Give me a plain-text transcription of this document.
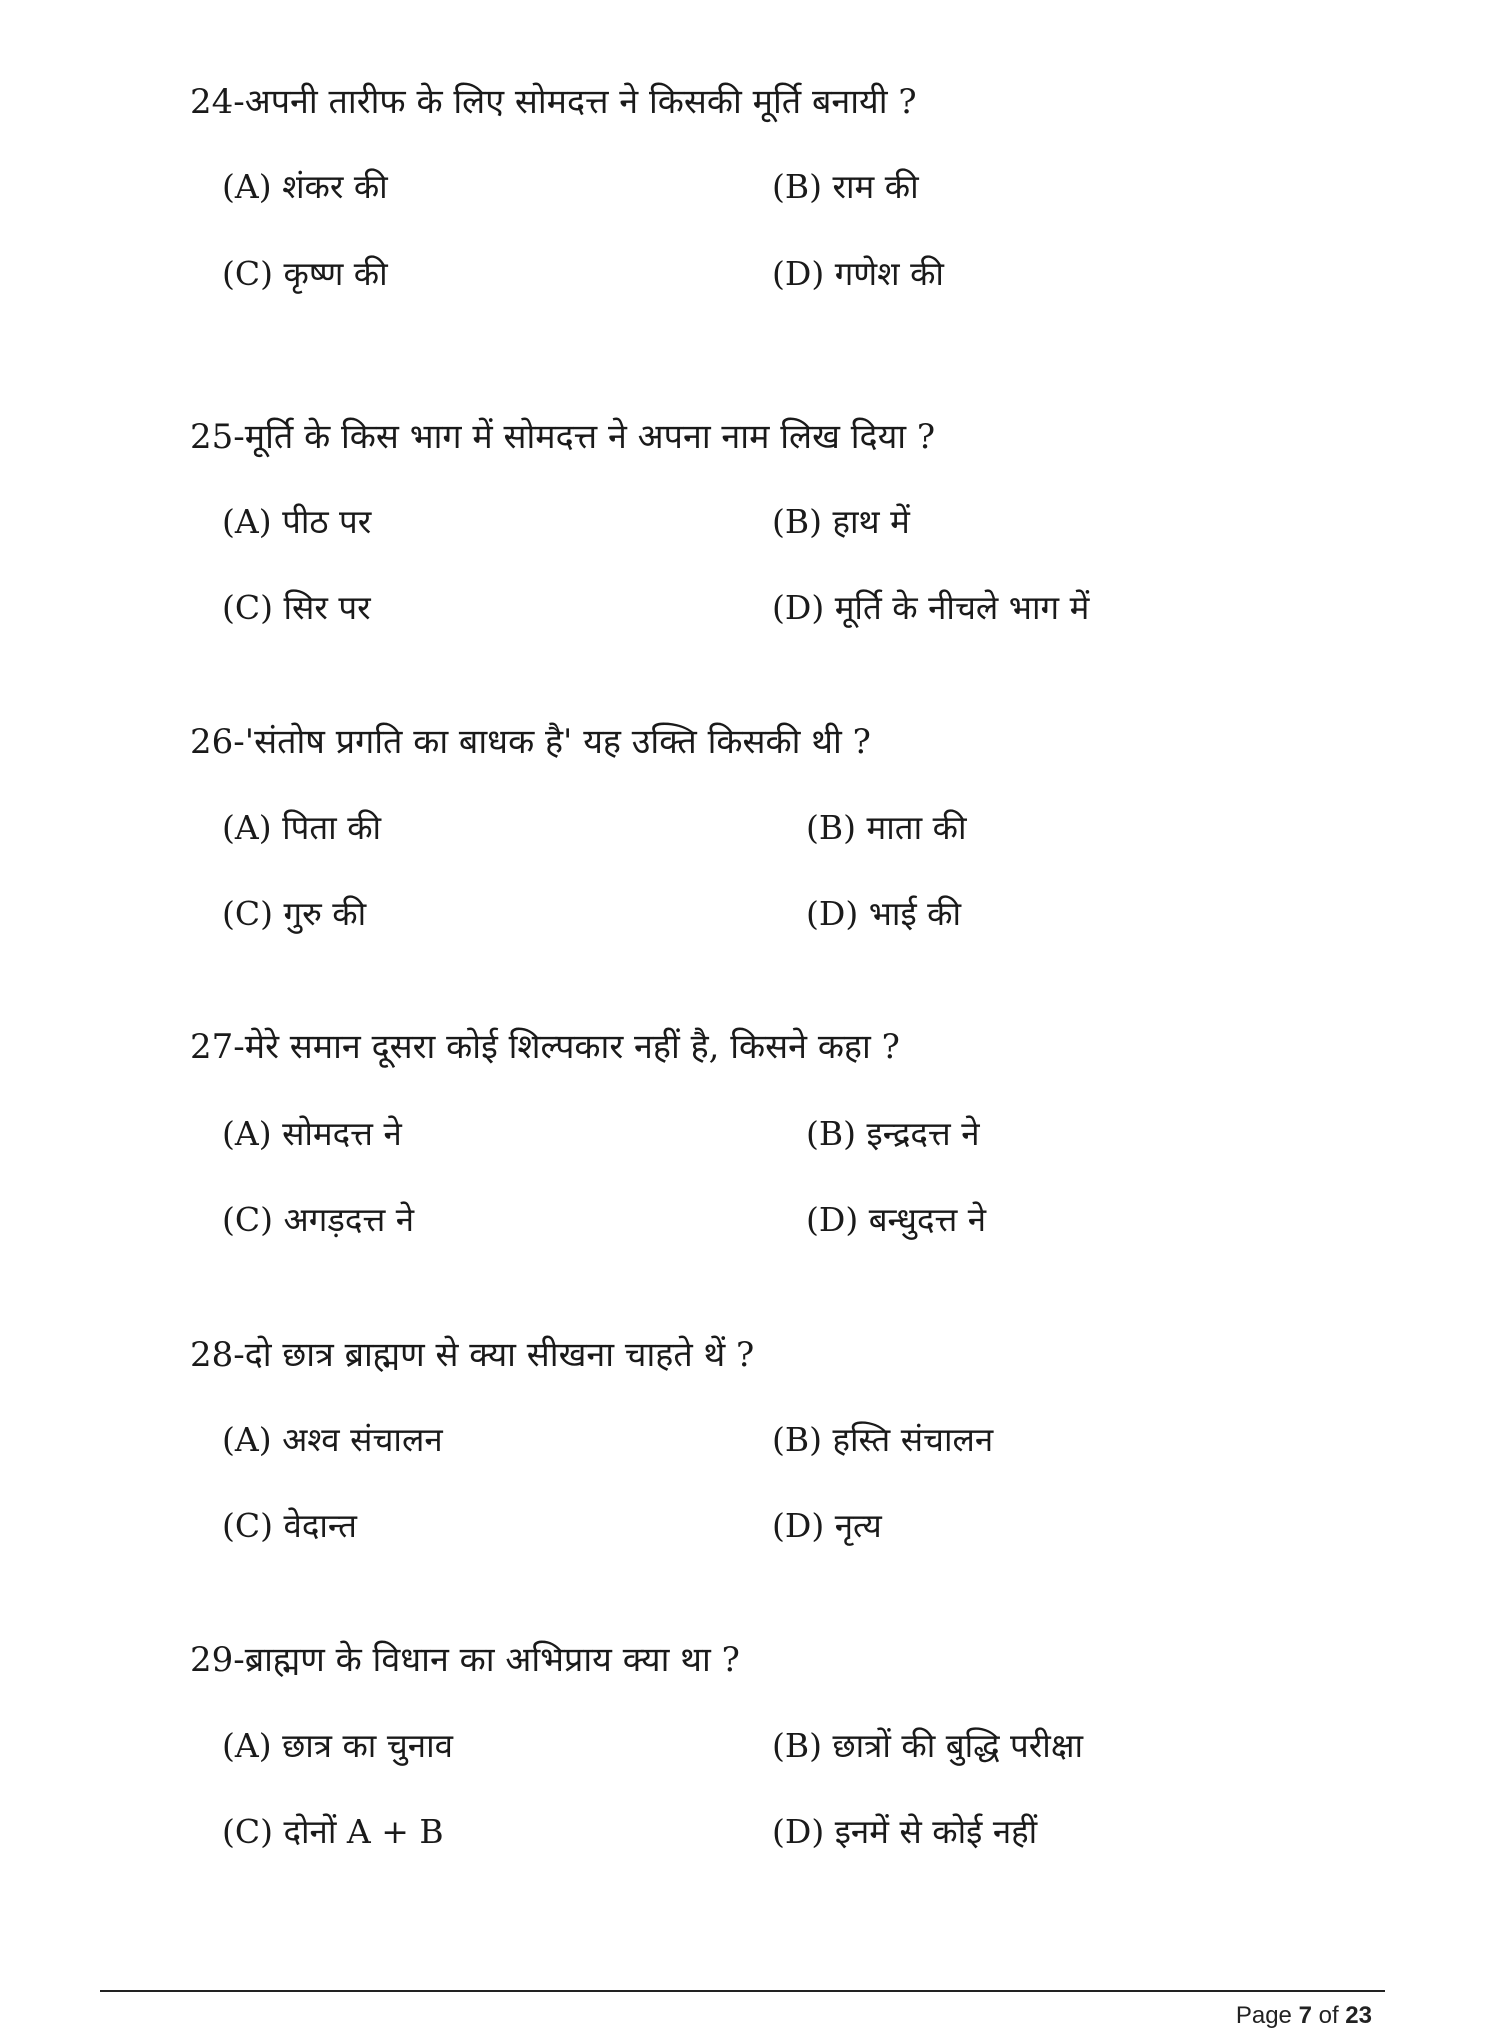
24-अपनी तारीफ के लिए सोमदत्त ने किसकी मूर्ति बनायी ?
(A) शंकर की	(B) राम की
(C) कृष्ण की	(D) गणेश की
25-मूर्ति के किस भाग में सोमदत्त ने अपना नाम लिख दिया ?
(A) पीठ पर	(B) हाथ में
(C) सिर पर	(D) मूर्ति के नीचले भाग में
26-'संतोष प्रगति का बाधक है' यह उक्ति किसकी थी ?
(A) पिता की	(B) माता की
(C) गुरु की	(D) भाई की
27-मेरे समान दूसरा कोई शिल्पकार नहीं है, किसने कहा ?
(A) सोमदत्त ने	(B) इन्द्रदत्त ने
(C) अगड़दत्त ने	(D) बन्धुदत्त ने
28-दो छात्र ब्राह्मण से क्या सीखना चाहते थें ?
(A) अश्व संचालन	(B) हस्ति संचालन
(C) वेदान्त	(D) नृत्य
29-ब्राह्मण के विधान का अभिप्राय क्या था ?
(A) छात्र का चुनाव	(B) छात्रों की बुद्धि परीक्षा
(C) दोनों A + B	(D) इनमें से कोई नहीं
Page 7 of 23
